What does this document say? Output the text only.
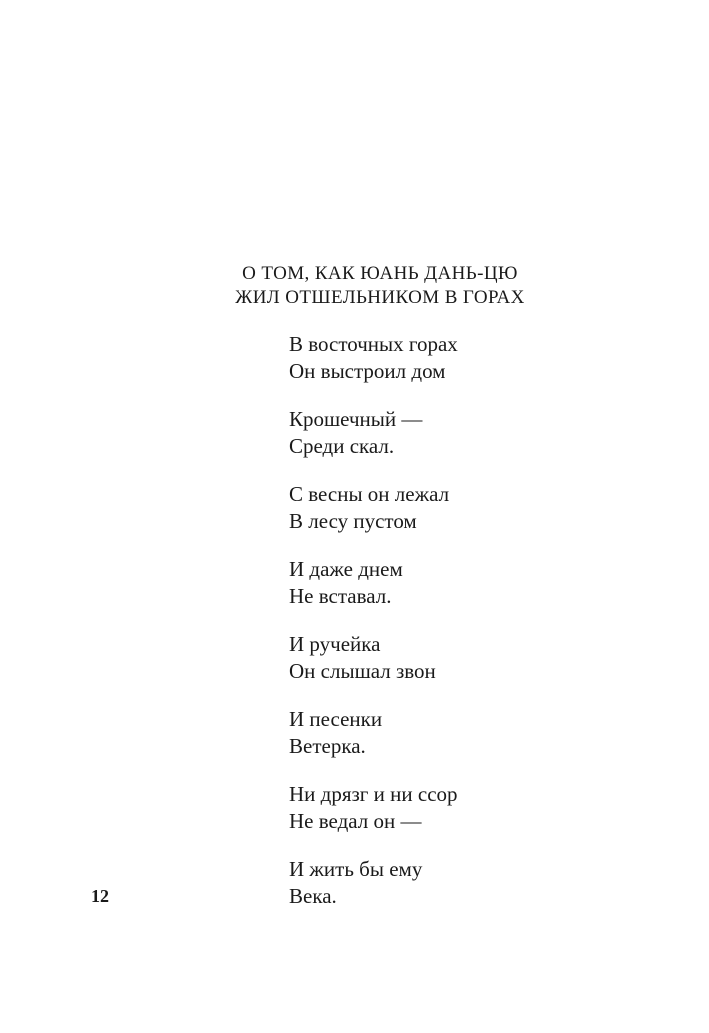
О ТОМ, КАК ЮАНЬ ДАНЬ-ЦЮ
ЖИЛ ОТШЕЛЬНИКОМ В ГОРАХ
В восточных горах
Он выстроил дом
Крошечный —
Среди скал.
С весны он лежал
В лесу пустом
И даже днем
Не вставал.
И ручейка
Он слышал звон
И песенки
Ветерка.
Ни дрязг и ни ссор
Не ведал он —
И жить бы ему
Века.
12
